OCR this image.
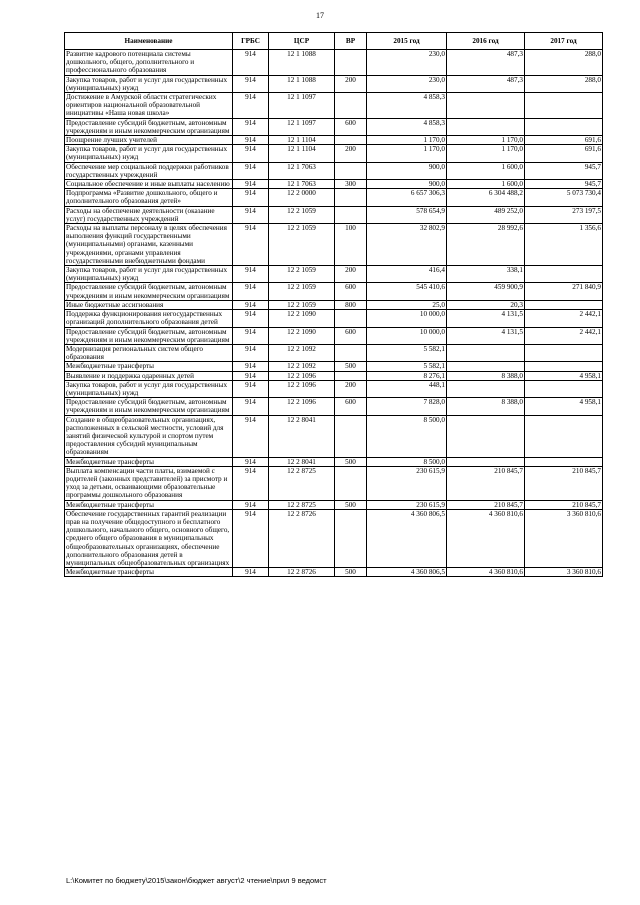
17
Наименование	ГРБС	ЦСР	ВР	2015 год	2016 год	2017 год
Развитие кадрового потенциала системы дошкольного, общего, дополнительного и профессионального образования	914	12 1 1088		230,0	487,3	288,0
Закупка товаров, работ и услуг для государственных (муниципальных) нужд	914	12 1 1088	200	230,0	487,3	288,0
Достижение в Амурской области стратегических ориентиров национальной образовательной инициативы «Наша новая школа»	914	12 1 1097		4 858,3		
Предоставление субсидий бюджетным, автономным учреждениям и иным некоммерческим организациям	914	12 1 1097	600	4 858,3		
Поощрение лучших учителей	914	12 1 1104		1 170,0	1 170,0	691,6
Закупка товаров, работ и услуг для государственных (муниципальных) нужд	914	12 1 1104	200	1 170,0	1 170,0	691,6
Обеспечение мер социальной поддержки работников государственных учреждений	914	12 1 7063		900,0	1 600,0	945,7
Социальное обеспечение и иные выплаты населению	914	12 1 7063	300	900,0	1 600,0	945,7
Подпрограмма «Развитие дошкольного, общего и дополнительного образования детей»	914	12 2 0000		6 657 306,3	6 304 488,2	5 073 730,4
Расходы на обеспечение деятельности (оказание услуг) государственных учреждений	914	12 2 1059		578 654,9	489 252,0	273 197,5
Расходы на выплаты персоналу в целях обеспечения выполнения функций государственными (муниципальными) органами, казенными учреждениями, органами управления государственными внебюджетными фондами	914	12 2 1059	100	32 802,9	28 992,6	1 356,6
Закупка товаров, работ и услуг для государственных (муниципальных) нужд	914	12 2 1059	200	416,4	338,1	
Предоставление субсидий бюджетным, автономным учреждениям и иным некоммерческим организациям	914	12 2 1059	600	545 410,6	459 900,9	271 840,9
Иные бюджетные ассигнования	914	12 2 1059	800	25,0	20,3	
Поддержка функционирования негосударственных организаций дополнительного образования детей	914	12 2 1090		10 000,0	4 131,5	2 442,1
Предоставление субсидий бюджетным, автономным учреждениям и иным некоммерческим организациям	914	12 2 1090	600	10 000,0	4 131,5	2 442,1
Модернизация региональных систем общего образования	914	12 2 1092		5 582,1		
Межбюджетные трансферты	914	12 2 1092	500	5 582,1		
Выявление и поддержка одаренных детей	914	12 2 1096		8 276,1	8 388,0	4 958,1
Закупка товаров, работ и услуг для государственных (муниципальных) нужд	914	12 2 1096	200	448,1		
Предоставление субсидий бюджетным, автономным учреждениям и иным некоммерческим организациям	914	12 2 1096	600	7 828,0	8 388,0	4 958,1
Создание в общеобразовательных организациях, расположенных в сельской местности, условий для занятий физической культурой и спортом путем предоставления субсидий муниципальным образованиям	914	12 2 8041		8 500,0		
Межбюджетные трансферты	914	12 2 8041	500	8 500,0		
Выплата компенсации части платы, взимаемой с родителей (законных представителей) за присмотр и уход за детьми, осваивающими образовательные программы дошкольного образования	914	12 2 8725		230 615,9	210 845,7	210 845,7
Межбюджетные трансферты	914	12 2 8725	500	230 615,9	210 845,7	210 845,7
Обеспечение государственных гарантий реализации прав на получение общедоступного и бесплатного дошкольного, начального общего, основного общего, среднего общего образования в муниципальных общеобразовательных организациях, обеспечение дополнительного образования детей в муниципальных общеобразовательных организациях	914	12 2 8726		4 360 806,5	4 360 810,6	3 360 810,6
Межбюджетные трансферты	914	12 2 8726	500	4 360 806,5	4 360 810,6	3 360 810,6
L:\Комитет по бюджету\2015\закон\бюджет август\2 чтение\прил 9 ведомст
